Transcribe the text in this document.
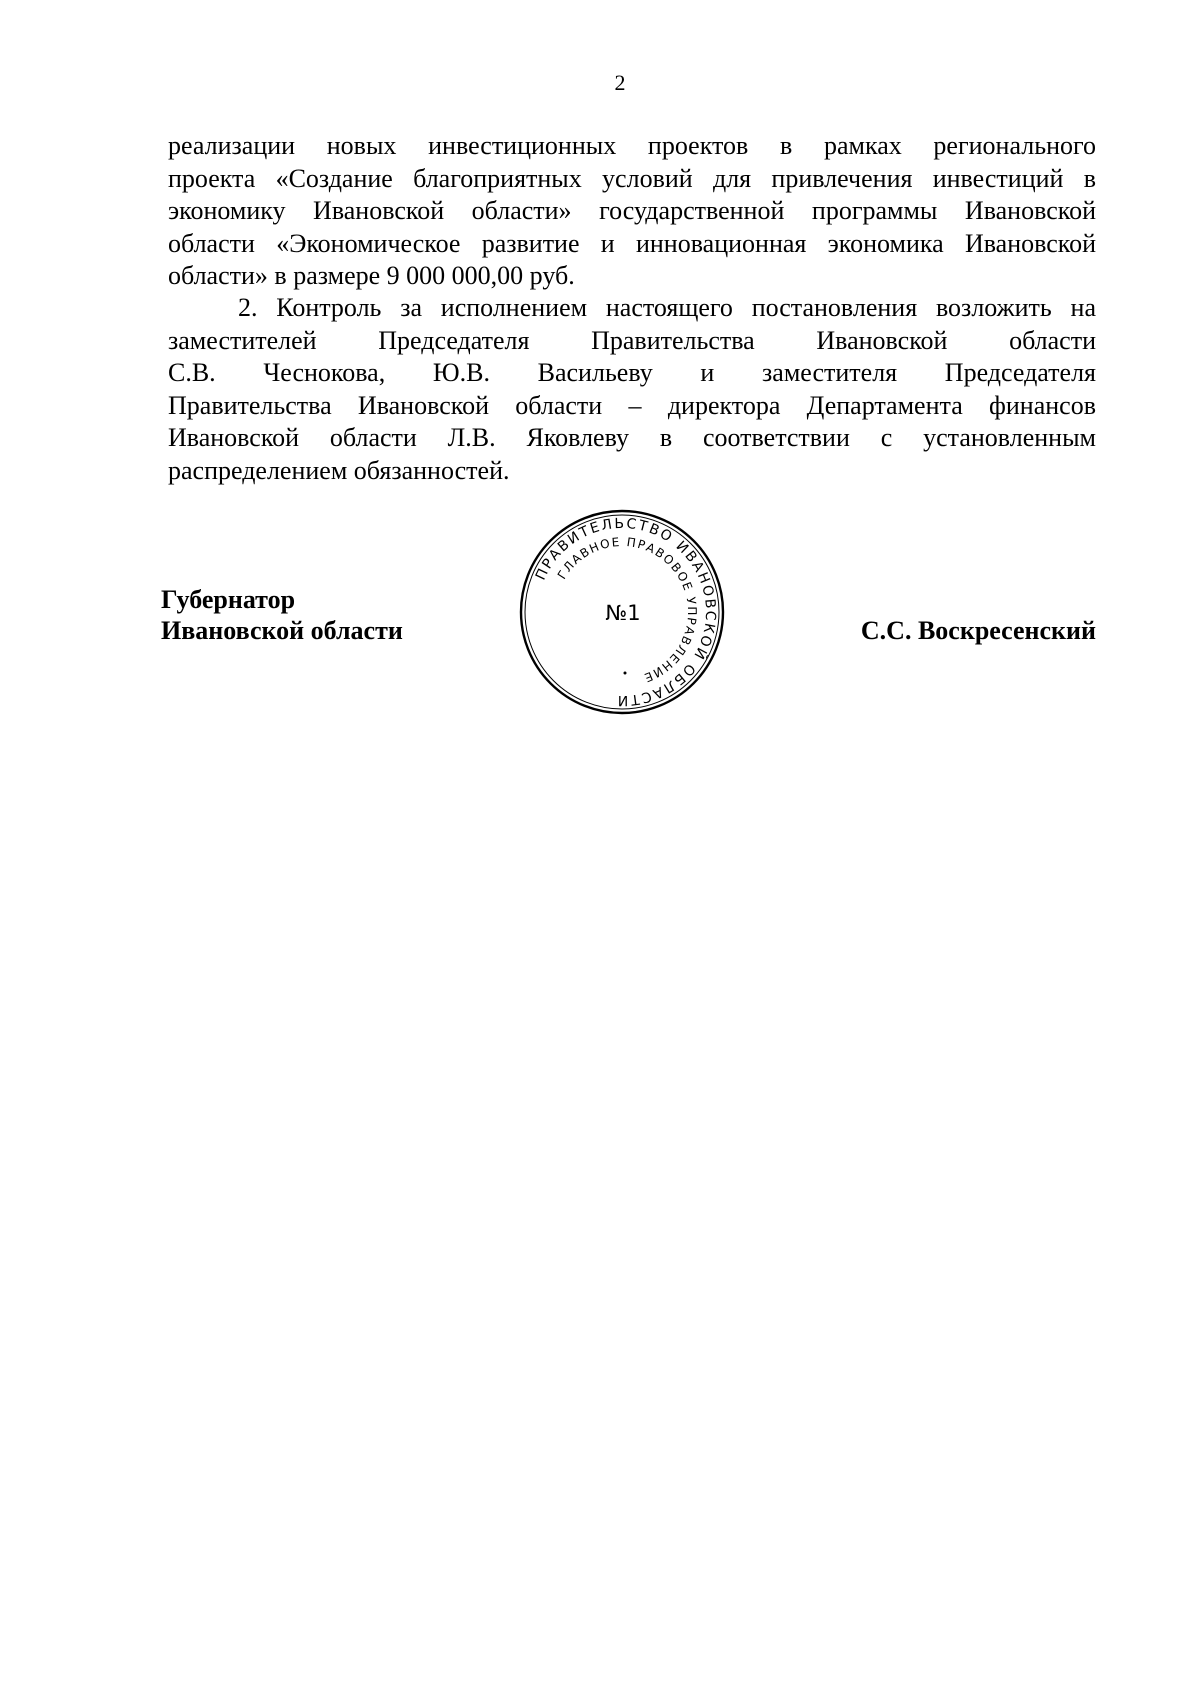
2
реализации новых инвестиционных проектов в рамках регионального
проекта «Создание благоприятных условий для привлечения инвестиций в
экономику Ивановской области» государственной программы Ивановской
области «Экономическое развитие и инновационная экономика Ивановской
области» в размере 9 000 000,00 руб.
2. Контроль за исполнением настоящего постановления возложить на
заместителей Председателя Правительства Ивановской области
С.В. Чеснокова, Ю.В. Васильеву и заместителя Председателя
Правительства Ивановской области – директора Департамента финансов
Ивановской области Л.В. Яковлеву в соответствии с установленным
распределением обязанностей.
Губернатор
Ивановской области
ПРАВИТЕЛЬСТВО ИВАНОВСКОЙ ОБЛАСТИ
ГЛАВНОЕ ПРАВОВОЕ УПРАВЛЕНИЕ
№1
С.С. Воскресенский
